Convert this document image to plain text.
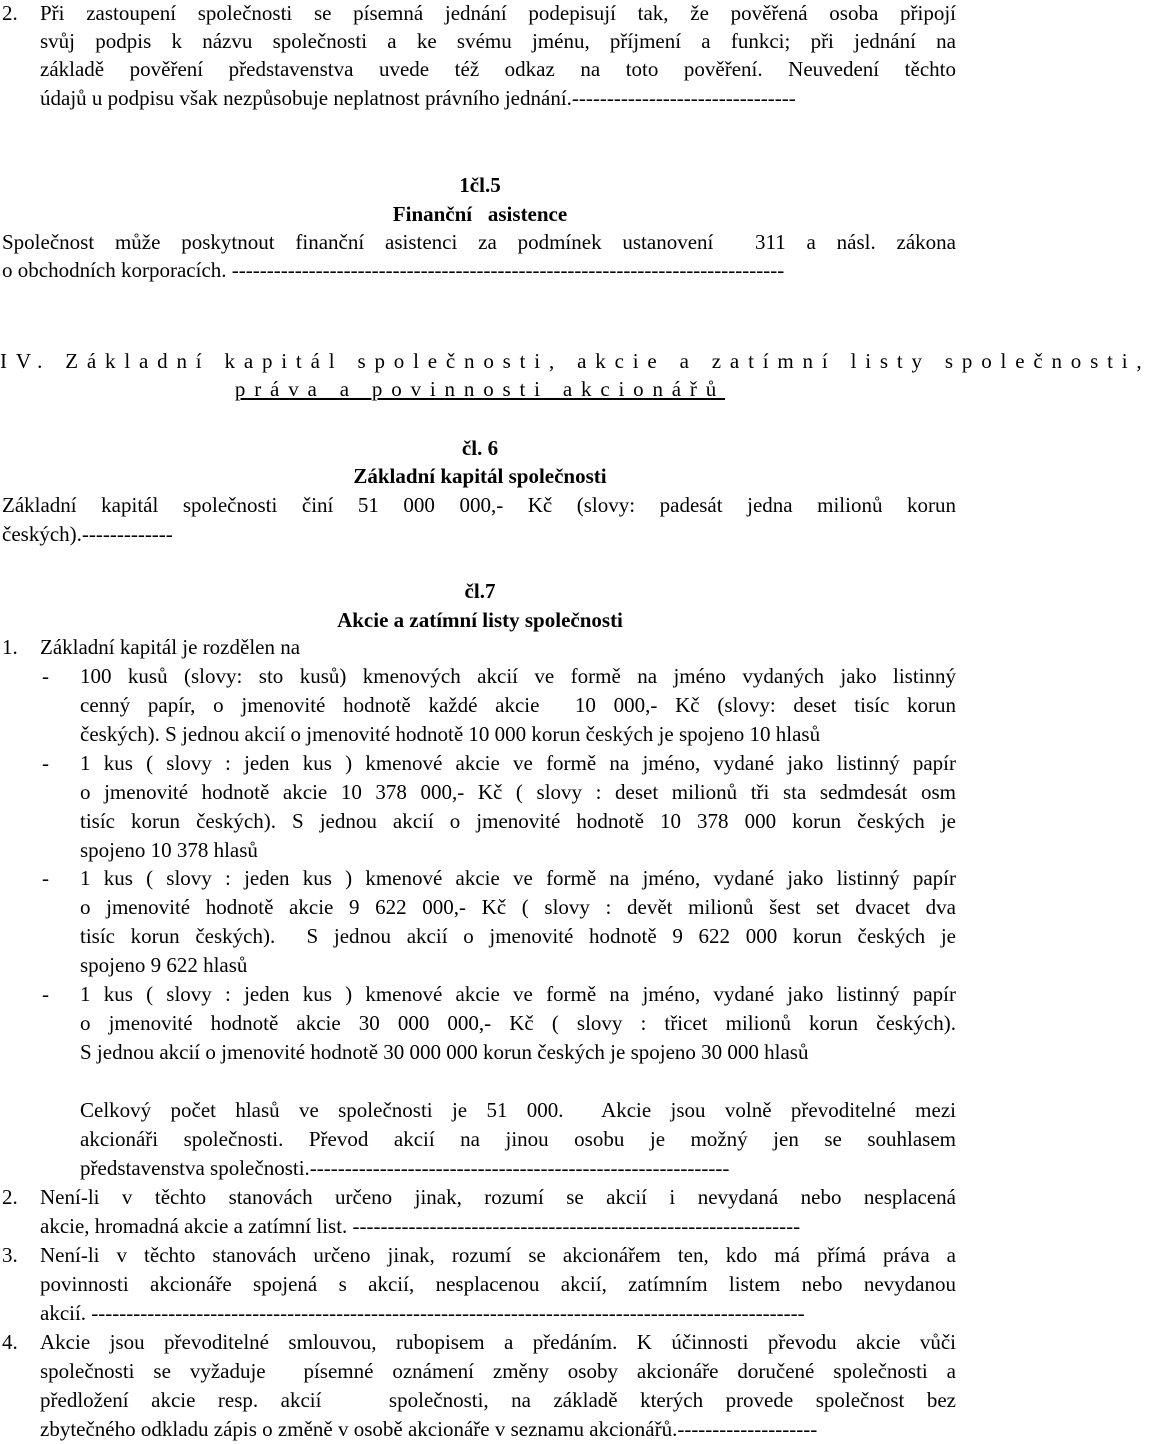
2. Při zastoupení společnosti se písemná jednání podepisují tak, že pověřená osoba připojí
svůj podpis k názvu společnosti a ke svému jménu, příjmení a funkci; při jednání na
základě pověření představenstva uvede též odkaz na toto pověření. Neuvedení těchto
údajů u podpisu však nezpůsobuje neplatnost právního jednání.--------------------------------
1čl.5
Finanční   asistence
Společnost může poskytnout finanční asistenci za podmínek ustanovení  311 a násl. zákona
o obchodních korporacích. -------------------------------------------------------------------------------
IV. Základní kapitál společnosti, akcie a zatímní listy společnosti,
práva a povinnosti akcionářů
čl. 6
Základní kapitál společnosti
Základní kapitál společnosti činí 51 000 000,- Kč (slovy: padesát jedna milionů korun
českých).-------------
čl.7
Akcie a zatímní listy společnosti
1. Základní kapitál je rozdělen na
- 100 kusů (slovy: sto kusů) kmenových akcií ve formě na jméno vydaných jako listinný
cenný papír, o jmenovité hodnotě každé akcie  10 000,- Kč (slovy: deset tisíc korun
českých). S jednou akcií o jmenovité hodnotě 10 000 korun českých je spojeno 10 hlasů
- 1 kus ( slovy : jeden kus ) kmenové akcie ve formě na jméno, vydané jako listinný papír
o jmenovité hodnotě akcie 10 378 000,- Kč ( slovy : deset milionů tři sta sedmdesát osm
tisíc korun českých). S jednou akcií o jmenovité hodnotě 10 378 000 korun českých je
spojeno 10 378 hlasů
- 1 kus ( slovy : jeden kus ) kmenové akcie ve formě na jméno, vydané jako listinný papír
o jmenovité hodnotě akcie 9 622 000,- Kč ( slovy : devět milionů šest set dvacet dva
tisíc korun českých).  S jednou akcií o jmenovité hodnotě 9 622 000 korun českých je
spojeno 9 622 hlasů
- 1 kus ( slovy : jeden kus ) kmenové akcie ve formě na jméno, vydané jako listinný papír
o jmenovité hodnotě akcie 30 000 000,- Kč ( slovy : třicet milionů korun českých).
S jednou akcií o jmenovité hodnotě 30 000 000 korun českých je spojeno 30 000 hlasů
Celkový počet hlasů ve společnosti je 51 000.  Akcie jsou volně převoditelné mezi
akcionáři společnosti. Převod akcií na jinou osobu je možný jen se souhlasem
představenstva společnosti.------------------------------------------------------------
2. Není-li v těchto stanovách určeno jinak, rozumí se akcií i nevydaná nebo nesplacená
akcie, hromadná akcie a zatímní list. ----------------------------------------------------------------
3. Není-li v těchto stanovách určeno jinak, rozumí se akcionářem ten, kdo má přímá práva a
povinnosti akcionáře spojená s akcií, nesplacenou akcií, zatímním listem nebo nevydanou
akcií. ------------------------------------------------------------------------------------------------------
4. Akcie jsou převoditelné smlouvou, rubopisem a předáním. K účinnosti převodu akcie vůči
společnosti se vyžaduje  písemné oznámení změny osoby akcionáře doručené společnosti a
předložení akcie resp. akcií   společnosti, na základě kterých provede společnost bez
zbytečného odkladu zápis o změně v osobě akcionáře v seznamu akcionářů.--------------------
